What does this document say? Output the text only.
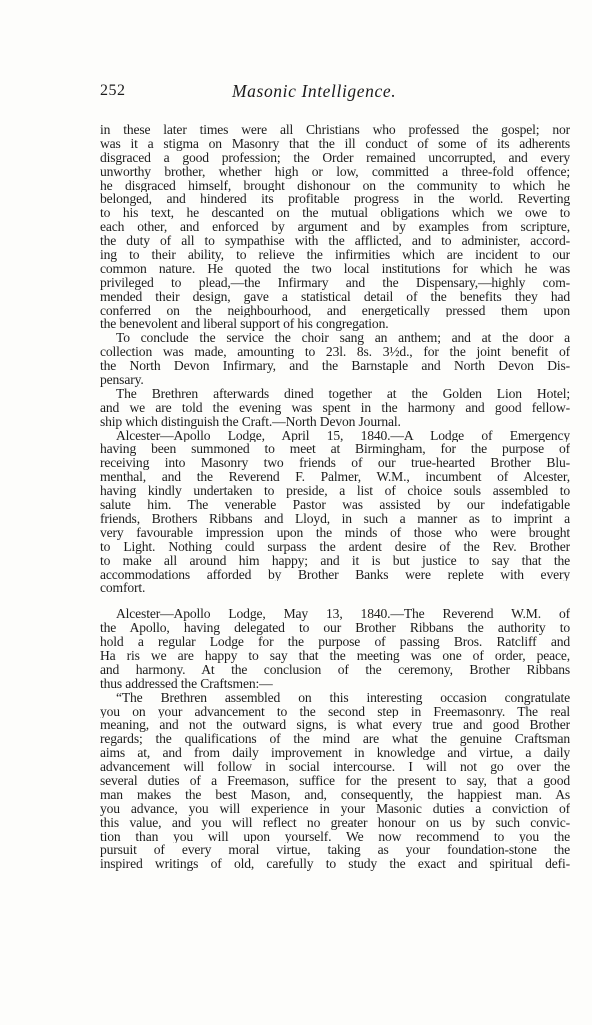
252	Masonic Intelligence.
in these later times were all Christians who professed the gospel; nor
was it a stigma on Masonry that the ill conduct of some of its adherents
disgraced a good profession; the Order remained uncorrupted, and every
unworthy brother, whether high or low, committed a three-fold offence;
he disgraced himself, brought dishonour on the community to which he
belonged, and hindered its profitable progress in the world. Reverting
to his text, he descanted on the mutual obligations which we owe to
each other, and enforced by argument and by examples from scripture,
the duty of all to sympathise with the afflicted, and to administer, accord-
ing to their ability, to relieve the infirmities which are incident to our
common nature. He quoted the two local institutions for which he was
privileged to plead,—the Infirmary and the Dispensary,—highly com-
mended their design, gave a statistical detail of the benefits they had
conferred on the neighbourhood, and energetically pressed them upon
the benevolent and liberal support of his congregation.
To conclude the service the choir sang an anthem; and at the door a
collection was made, amounting to 23l. 8s. 3½d., for the joint benefit of
the North Devon Infirmary, and the Barnstaple and North Devon Dis-
pensary.
The Brethren afterwards dined together at the Golden Lion Hotel;
and we are told the evening was spent in the harmony and good fellow-
ship which distinguish the Craft.—North Devon Journal.
Alcester—Apollo Lodge, April 15, 1840.—A Lodge of Emergency
having been summoned to meet at Birmingham, for the purpose of
receiving into Masonry two friends of our true-hearted Brother Blu-
menthal, and the Reverend F. Palmer, W.M., incumbent of Alcester,
having kindly undertaken to preside, a list of choice souls assembled to
salute him. The venerable Pastor was assisted by our indefatigable
friends, Brothers Ribbans and Lloyd, in such a manner as to imprint a
very favourable impression upon the minds of those who were brought
to Light. Nothing could surpass the ardent desire of the Rev. Brother
to make all around him happy; and it is but justice to say that the
accommodations afforded by Brother Banks were replete with every
comfort.
Alcester—Apollo Lodge, May 13, 1840.—The Reverend W.M. of
the Apollo, having delegated to our Brother Ribbans the authority to
hold a regular Lodge for the purpose of passing Bros. Ratcliff and
Ha ris we are happy to say that the meeting was one of order, peace,
and harmony. At the conclusion of the ceremony, Brother Ribbans
thus addressed the Craftsmen:—
“The Brethren assembled on this interesting occasion congratulate
you on your advancement to the second step in Freemasonry. The real
meaning, and not the outward signs, is what every true and good Brother
regards; the qualifications of the mind are what the genuine Craftsman
aims at, and from daily improvement in knowledge and virtue, a daily
advancement will follow in social intercourse. I will not go over the
several duties of a Freemason, suffice for the present to say, that a good
man makes the best Mason, and, consequently, the happiest man. As
you advance, you will experience in your Masonic duties a conviction of
this value, and you will reflect no greater honour on us by such convic-
tion than you will upon yourself. We now recommend to you the
pursuit of every moral virtue, taking as your foundation-stone the
inspired writings of old, carefully to study the exact and spiritual defi-
